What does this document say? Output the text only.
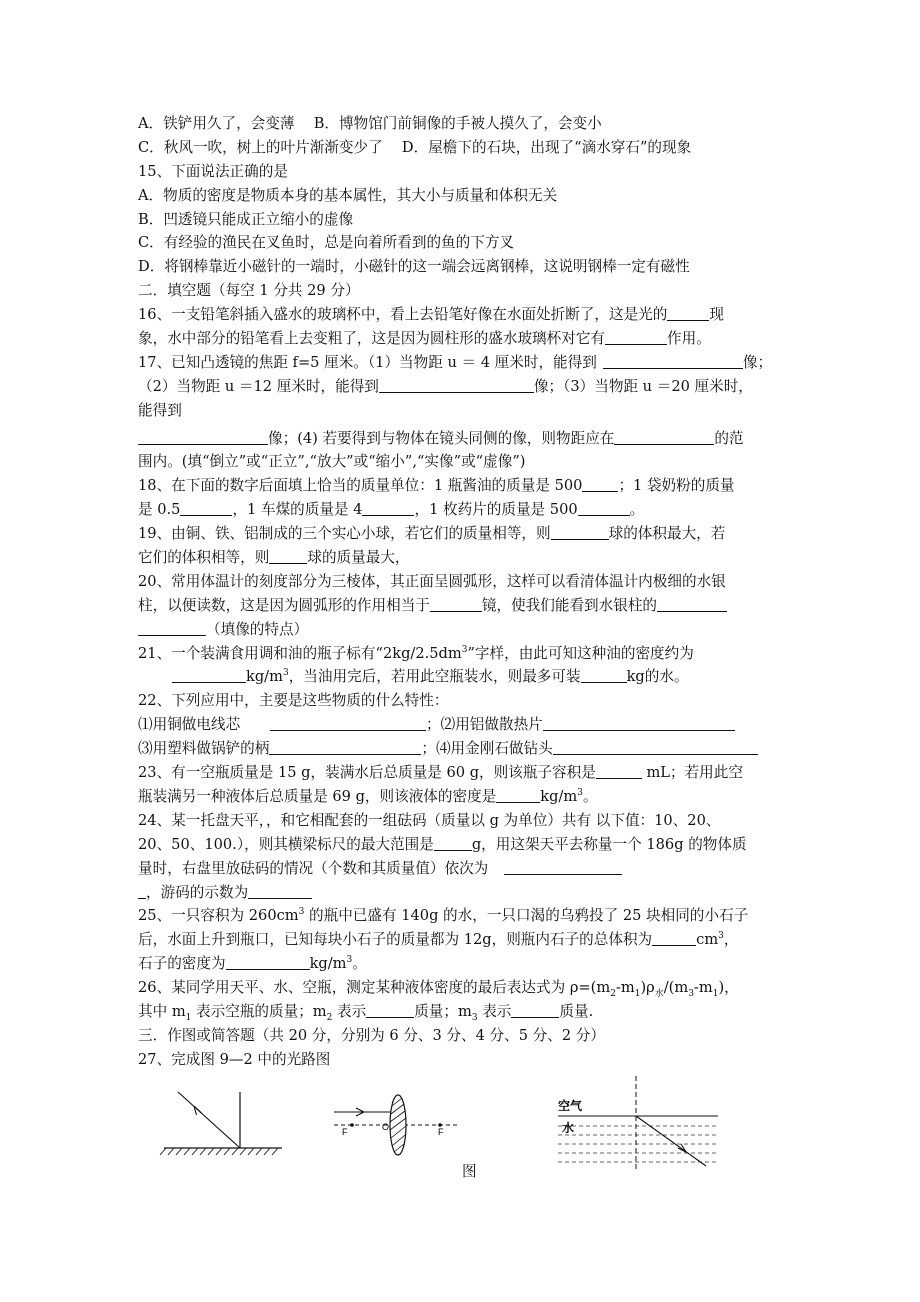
A．铁铲用久了，会变薄　 B．博物馆门前铜像的手被人摸久了，会变小
C．秋风一吹，树上的叶片渐渐变少了　 D．屋檐下的石块，出现了“滴水穿石”的现象
15、下面说法正确的是
A．物质的密度是物质本身的基本属性，其大小与质量和体积无关
B．凹透镜只能成正立缩小的虚像
C．有经验的渔民在叉鱼时，总是向着所看到的鱼的下方叉
D．将钢棒靠近小磁针的一端时，小磁针的这一端会远离钢棒，这说明钢棒一定有磁性
二．填空题（每空 1 分共 29 分）
16、一支铅笔斜插入盛水的玻璃杯中，看上去铅笔好像在水面处折断了，这是光的	现
象，水中部分的铅笔看上去变粗了，这是因为圆柱形的盛水玻璃杯对它有	作用。
17、已知凸透镜的焦距 f=5 厘米。（1）当物距 u ＝ 4 厘米时，能得到	像；
（2）当物距 u ＝12 厘米时，能得到	像；（3）当物距 u ＝20 厘米时，
能得到
像；(4) 若要得到与物体在镜头同侧的像，则物距应在	的范
围内。(填“倒立”或“正立”,“放大”或“缩小”,“实像”或“虚像”)
18、在下面的数字后面填上恰当的质量单位：1 瓶酱油的质量是 500 ；1 袋奶粉的质量
是 0.5	，1 车煤的质量是 4	，1 枚药片的质量是 500	。
19、由铜、铁、铝制成的三个实心小球，若它们的质量相等，则	球的体积最大，若
它们的体积相等，则	球的质量最大，
20、常用体温计的刻度部分为三棱体，其正面呈圆弧形，这样可以看清体温计内极细的水银
柱，以便读数，这是因为圆弧形的作用相当于	镜，使我们能看到水银柱的
（填像的特点）
21、一个装满食用调和油的瓶子标有“$2kg/2.5dm^3$”字样，由此可知这种油的密度约为
$kg/m^3$，当油用完后，若用此空瓶装水，则最多可装	kg的水。
22、下列应用中，主要是这些物质的什么特性：
⑴用铜做电线芯	；⑵用铝做散热片
⑶用塑料做锅铲的柄	；⑷用金刚石做钻头
23、有一空瓶质量是 15 g，装满水后总质量是 60 g，则该瓶子容积是	mL；若用此空
瓶装满另一种液体后总质量是 69 g，则该液体的密度是	$kg/m^3$。
24、某一托盘天平，，和它相配套的一组砝码（质量以 g 为单位）共有 以下值：10、20、
20、50、100.），则其横梁标尺的最大范围是	g，用这架天平去称量一个 186g 的物体质
量时，右盘里放砝码的情况（个数和其质量值）依次为
，游码的示数为
25、一只容积为 $260cm^3$ 的瓶中已盛有 140g 的水，一只口渴的乌鸦投了 25 块相同的小石子
后，水面上升到瓶口，已知每块小石子的质量都为 12g，则瓶内石子的总体积为	$cm^3$，
石子的密度为	$kg/m^3$。
26、某同学用天平、水、空瓶，测定某种液体密度的最后表达式为 $\rho=(m_2-m_1)\rho_水/(m_3-m_1)$，
其中 $m_1$ 表示空瓶的质量；$m_2$ 表示	质量；$m_3$ 表示	质量.
三．作图或简答题（共 20 分，分别为 6 分、3 分、4 分、5 分、2 分）
27、完成图 9—2 中的光路图
F	O	F
空气
水
图
